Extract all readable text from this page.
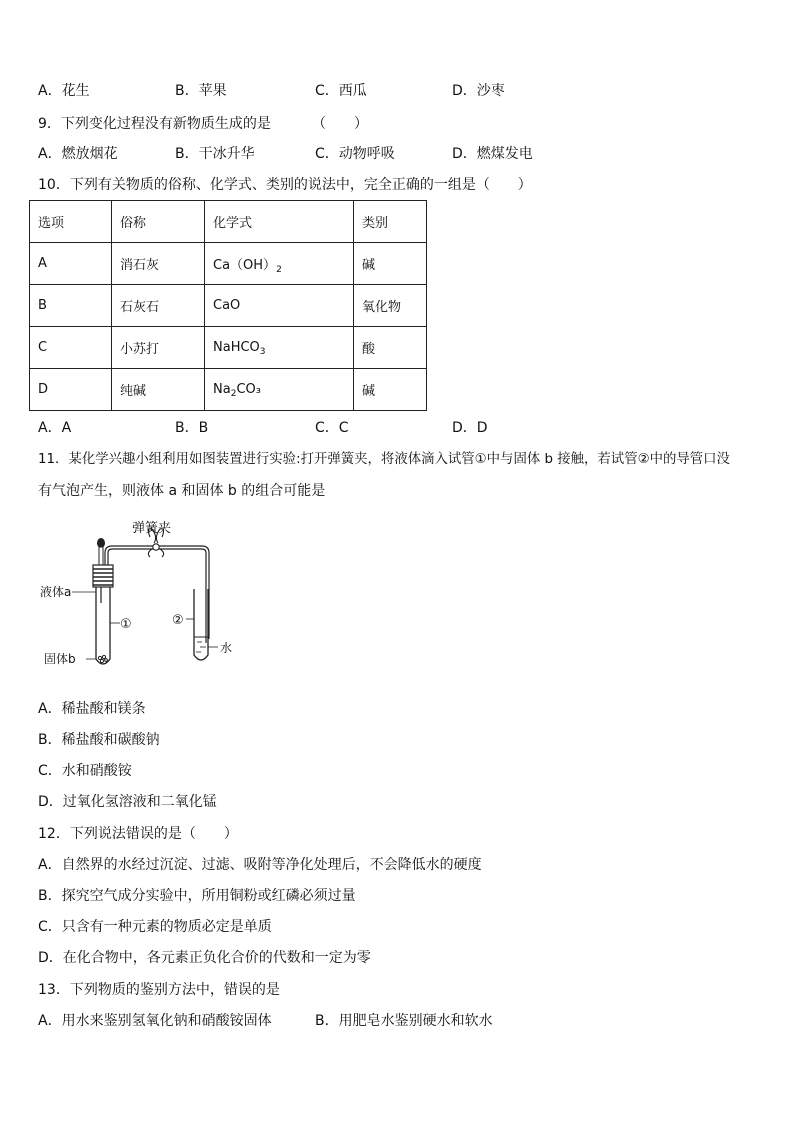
A．花生	B．苹果	C．西瓜	D．沙枣
9．下列变化过程没有新物质生成的是	（　　）
A．燃放烟花	B．干冰升华	C．动物呼吸	D．燃煤发电
10．下列有关物质的俗称、化学式、类别的说法中，完全正确的一组是（　　）
选项	俗称	化学式	类别
A	消石灰	$Ca(OH)_2$	碱
B	石灰石	CaO	氧化物
C	小苏打	NaHCO$_3$	酸
D	纯碱	$Na_2CO_3$	碱
A．A	B．B	C．C	D．D
11．某化学兴趣小组利用如图装置进行实验:打开弹簧夹，将液体滴入试管①中与固体 b 接触，若试管②中的导管口没
有气泡产生，则液体 a 和固体 b 的组合可能是
弹簧夹
液体a
固体b
①	②
水
A．稀盐酸和镁条
B．稀盐酸和碳酸钠
C．水和硝酸铵
D．过氧化氢溶液和二氧化锰
12．下列说法错误的是（　　）
A．自然界的水经过沉淀、过滤、吸附等净化处理后，不会降低水的硬度
B．探究空气成分实验中，所用铜粉或红磷必须过量
C．只含有一种元素的物质必定是单质
D．在化合物中，各元素正负化合价的代数和一定为零
13．下列物质的鉴别方法中，错误的是
A．用水来鉴别氢氧化钠和硝酸铵固体	B．用肥皂水鉴别硬水和软水
